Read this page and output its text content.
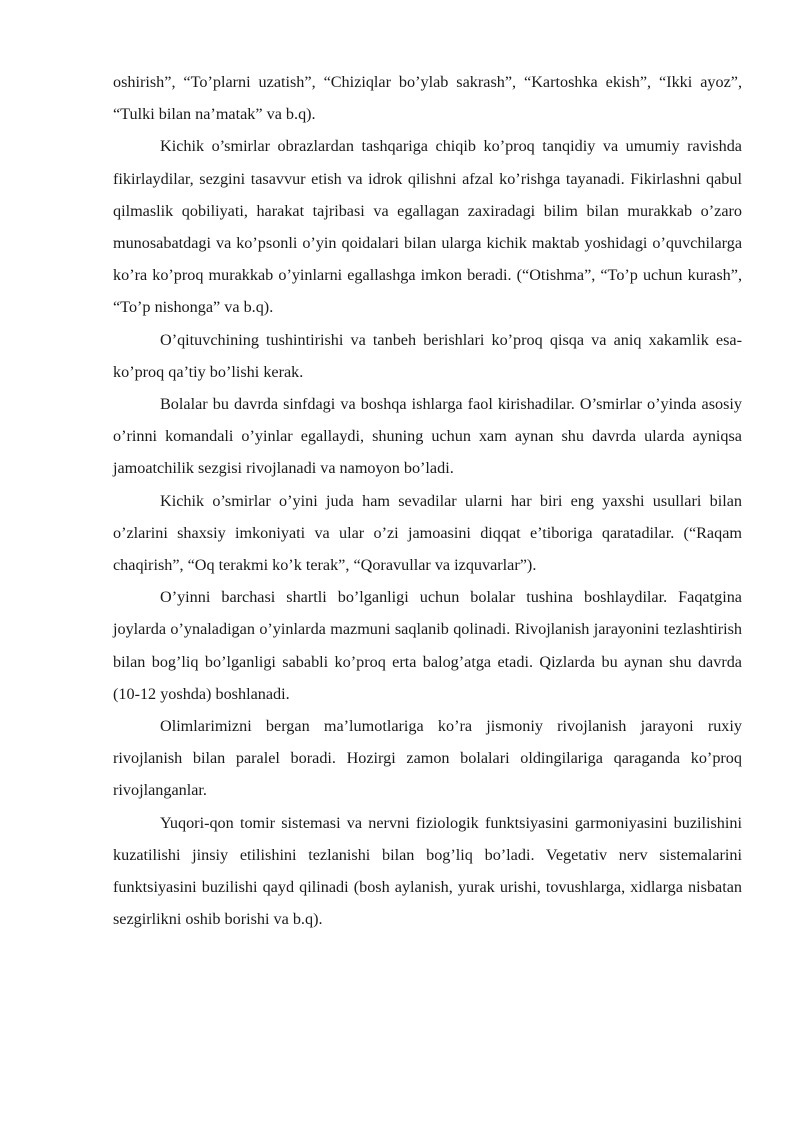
oshirish”, “To’plarni uzatish”, “Chiziqlar bo’ylab sakrash”, “Kartoshka ekish”, “Ikki ayoz”, “Tulki bilan na’matak” va b.q).

Kichik o’smirlar obrazlardan tashqariga chiqib ko’proq tanqidiy va umumiy ravishda fikirlaydilar, sezgini tasavvur etish va idrok qilishni afzal ko’rishga tayanadi. Fikirlashni qabul qilmaslik qobiliyati, harakat tajribasi va egallagan zaxiradagi bilim bilan murakkab o’zaro munosabatdagi va ko’psonli o’yin qoidalari bilan ularga kichik maktab yoshidagi o’quvchilarga ko’ra ko’proq murakkab o’yinlarni egallashga imkon beradi. (“Otishma”, “To’p uchun kurash”, “To’p nishonga” va b.q).

O’qituvchining tushintirishi va tanbeh berishlari ko’proq qisqa va aniq xakamlik esa-ko’proq qa’tiy bo’lishi kerak.

Bolalar bu davrda sinfdagi va boshqa ishlarga faol kirishadilar. O’smirlar o’yinda asosiy o’rinni komandali o’yinlar egallaydi, shuning uchun xam aynan shu davrda ularda ayniqsa jamoatchilik sezgisi rivojlanadi va namoyon bo’ladi.

Kichik o’smirlar o’yini juda ham sevadilar ularni har biri eng yaxshi usullari bilan o’zlarini shaxsiy imkoniyati va ular o’zi jamoasini diqqat e’tiboriga qaratadilar. (“Raqam chaqirish”, “Oq terakmi ko’k terak”, “Qoravullar va izquvarlar”).

O’yinni barchasi shartli bo’lganligi uchun bolalar tushina boshlaydilar. Faqatgina joylarda o’ynaladigan o’yinlarda mazmuni saqlanib qolinadi. Rivojlanish jarayonini tezlashtirish bilan bog’liq bo’lganligi sababli ko’proq erta balog’atga etadi. Qizlarda bu aynan shu davrda (10-12 yoshda) boshlanadi.

Olimlarimizni bergan ma’lumotlariga ko’ra jismoniy rivojlanish jarayoni ruxiy rivojlanish bilan paralel boradi. Hozirgi zamon bolalari oldingilariga qaraganda ko’proq rivojlanganlar.

Yuqori-qon tomir sistemasi va nervni fiziologik funktsiyasini garmoniyasini buzilishini kuzatilishi jinsiy etilishini tezlanishi bilan bog’liq bo’ladi. Vegetativ nerv sistemalarini funktsiyasini buzilishi qayd qilinadi (bosh aylanish, yurak urishi, tovushlarga, xidlarga nisbatan sezgirlikni oshib borishi va b.q).
